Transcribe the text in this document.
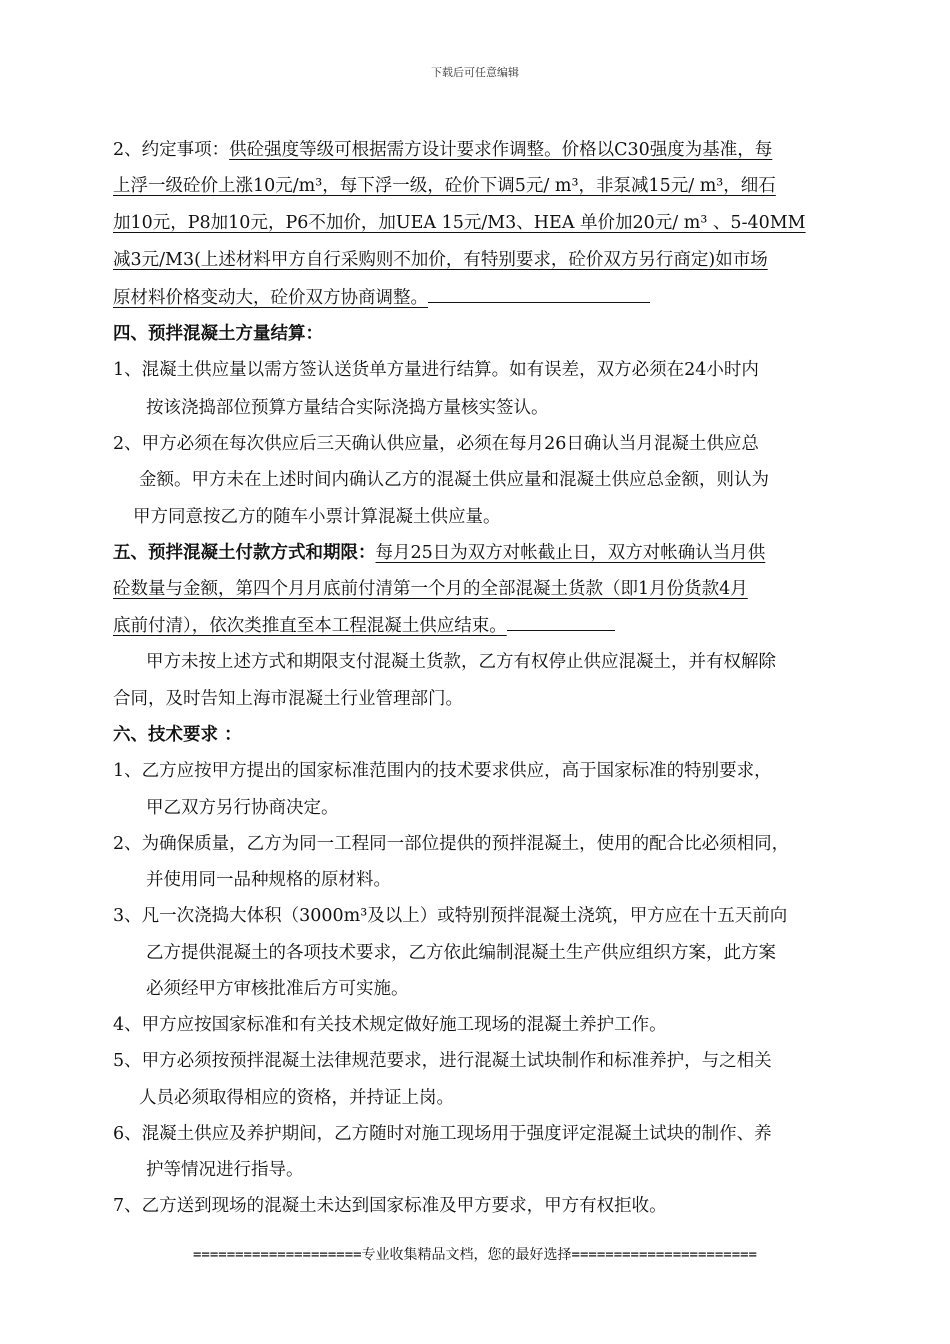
下载后可任意编辑
2、约定事项：供砼强度等级可根据需方设计要求作调整。价格以C30强度为基准，每
上浮一级砼价上涨10元/m³，每下浮一级，砼价下调5元/ m³，非泵减15元/ m³，细石
加10元，P8加10元，P6不加价，加UEA 15元/M3、HEA 单价加20元/ m³ 、5-40MM
减3元/M3(上述材料甲方自行采购则不加价，有特别要求，砼价双方另行商定)如市场
原材料价格变动大，砼价双方协商调整。
四、预拌混凝土方量结算：
1、混凝土供应量以需方签认送货单方量进行结算。如有误差，双方必须在24小时内
按该浇捣部位预算方量结合实际浇捣方量核实签认。
2、甲方必须在每次供应后三天确认供应量，必须在每月26日确认当月混凝土供应总
金额。甲方未在上述时间内确认乙方的混凝土供应量和混凝土供应总金额，则认为
甲方同意按乙方的随车小票计算混凝土供应量。
五、预拌混凝土付款方式和期限：每月25日为双方对帐截止日，双方对帐确认当月供
砼数量与金额，第四个月月底前付清第一个月的全部混凝土货款（即1月份货款4月
底前付清），依次类推直至本工程混凝土供应结束。
甲方未按上述方式和期限支付混凝土货款，乙方有权停止供应混凝土，并有权解除
合同，及时告知上海市混凝土行业管理部门。
六、技术要求 ：
1、乙方应按甲方提出的国家标准范围内的技术要求供应，高于国家标准的特别要求，
甲乙双方另行协商决定。
2、为确保质量，乙方为同一工程同一部位提供的预拌混凝土，使用的配合比必须相同，
并使用同一品种规格的原材料。
3、凡一次浇捣大体积（3000m³及以上）或特别预拌混凝土浇筑，甲方应在十五天前向
乙方提供混凝土的各项技术要求，乙方依此编制混凝土生产供应组织方案，此方案
必须经甲方审核批准后方可实施。
4、甲方应按国家标准和有关技术规定做好施工现场的混凝土养护工作。
5、甲方必须按预拌混凝土法律规范要求，进行混凝土试块制作和标准养护，与之相关
人员必须取得相应的资格，并持证上岗。
6、混凝土供应及养护期间，乙方随时对施工现场用于强度评定混凝土试块的制作、养
护等情况进行指导。
7、乙方送到现场的混凝土未达到国家标准及甲方要求，甲方有权拒收。
====================专业收集精品文档，您的最好选择======================
